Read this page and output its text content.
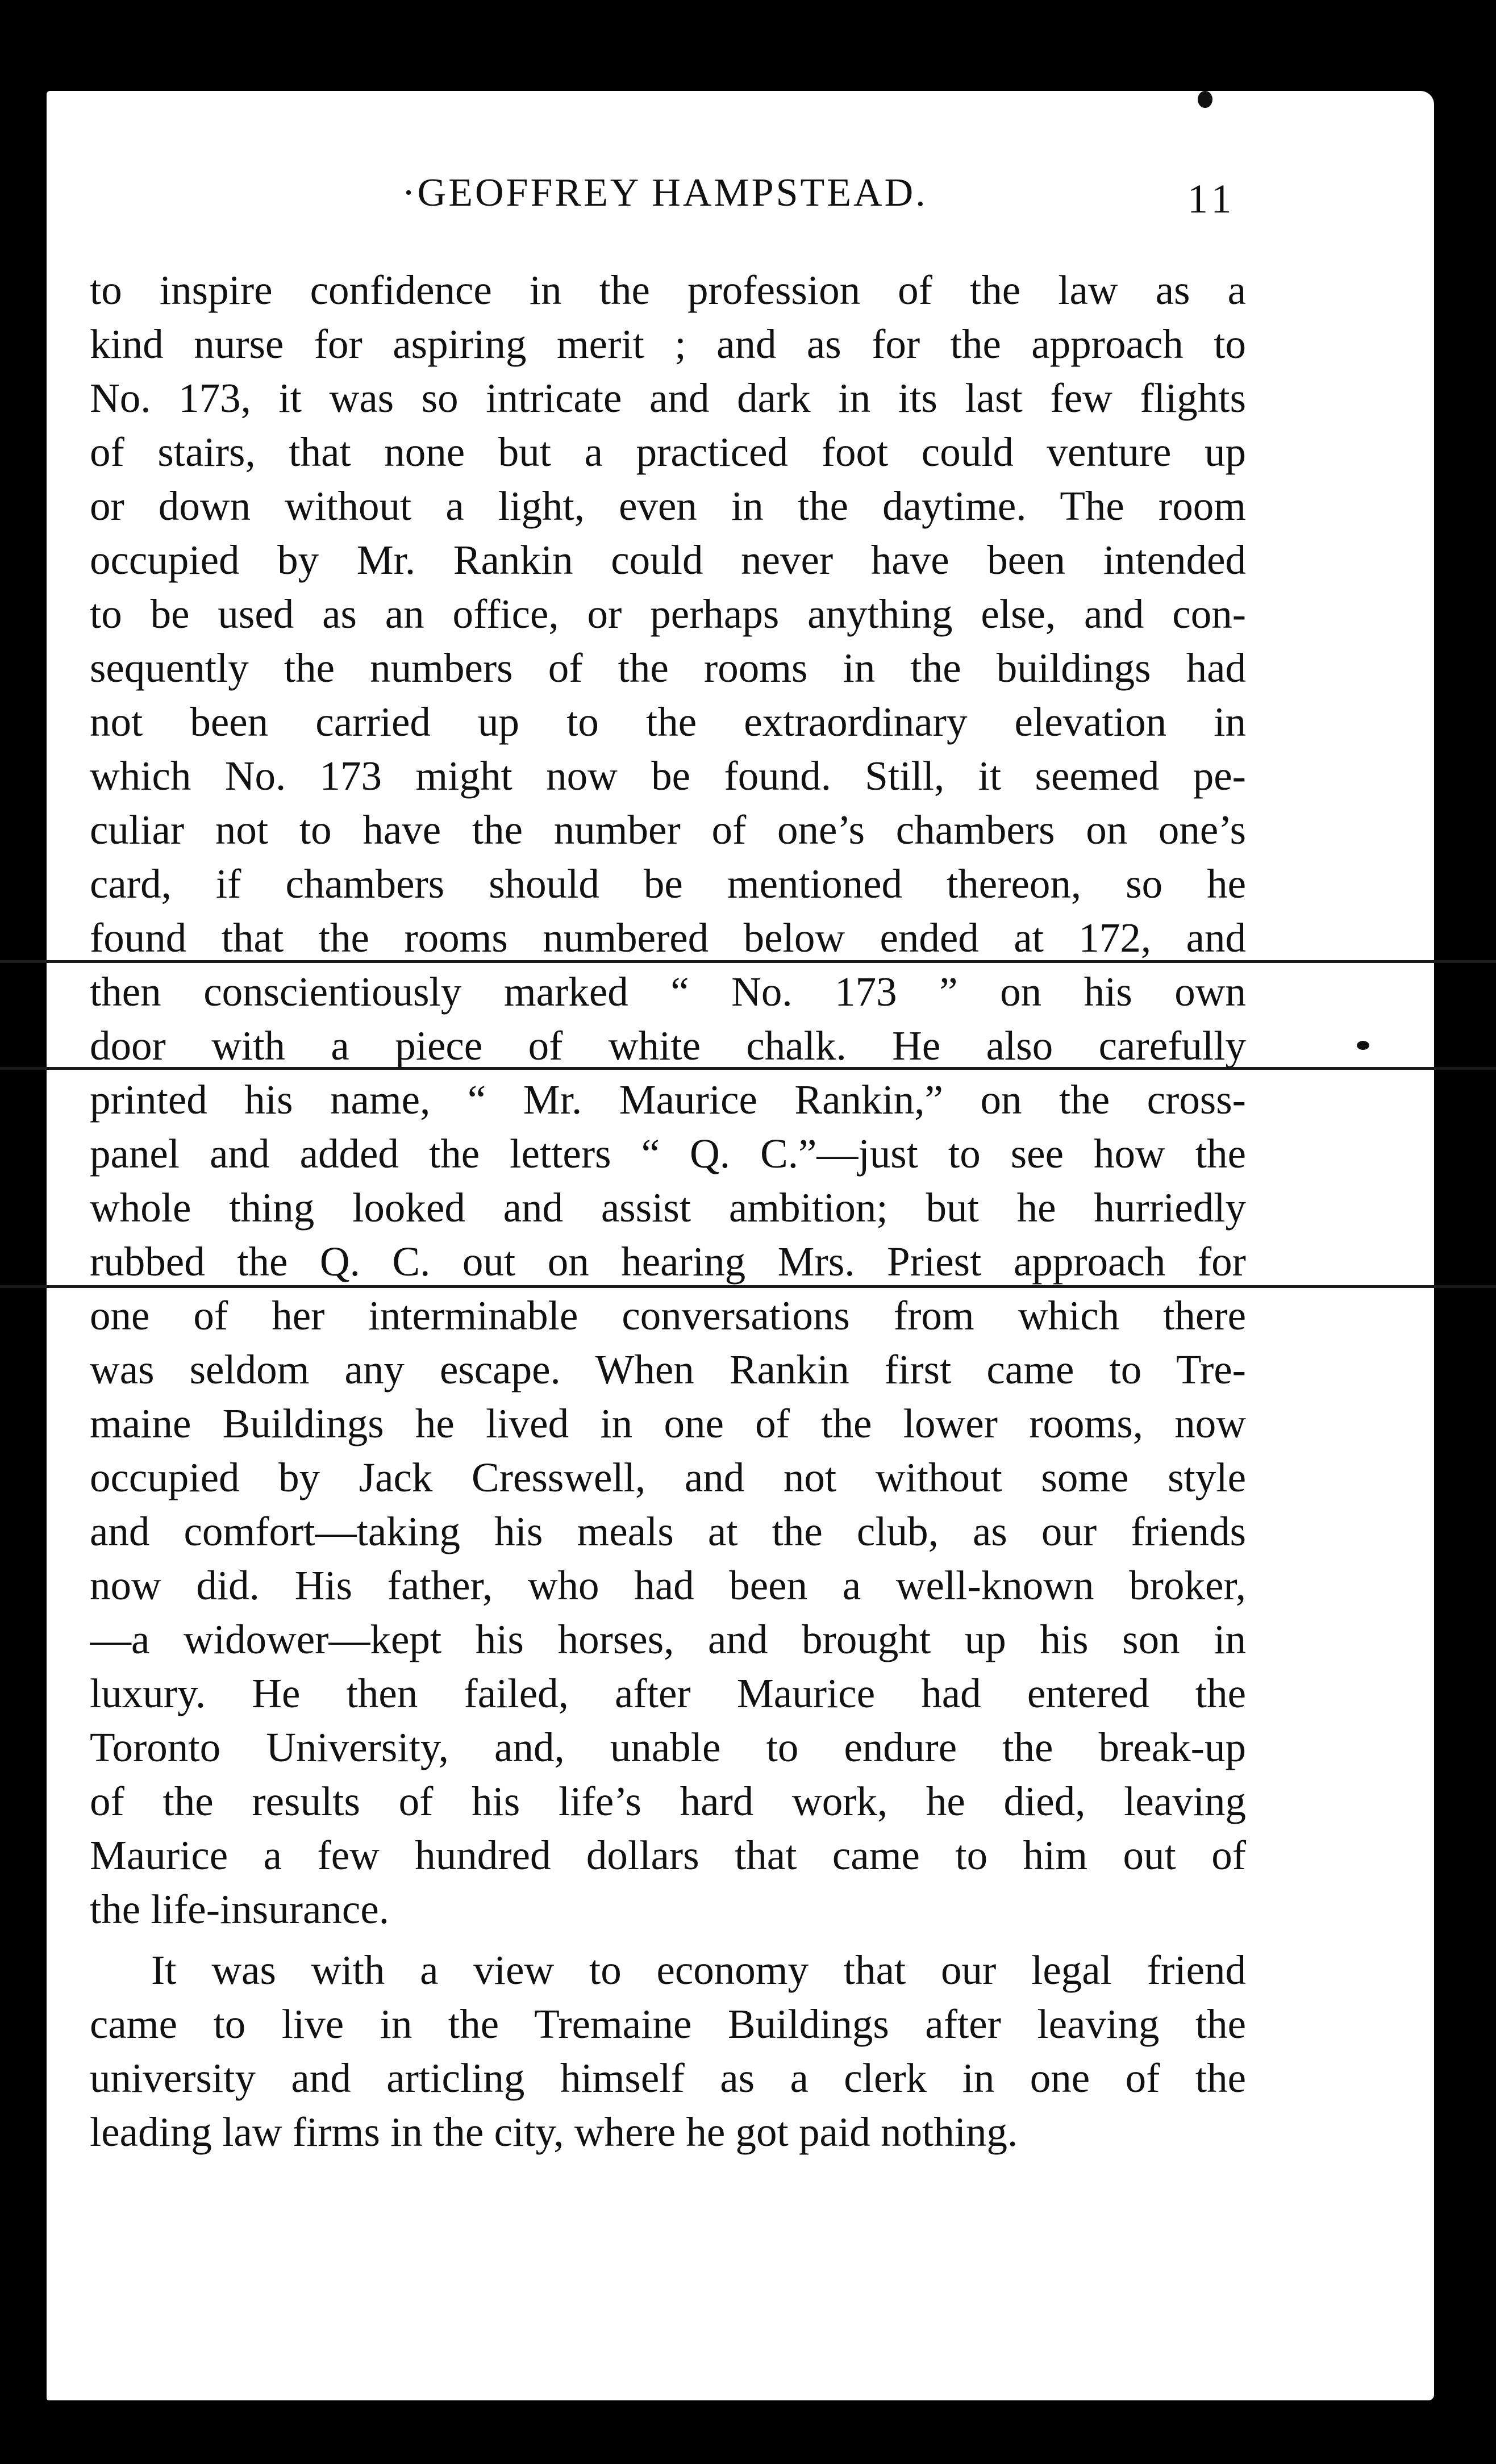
·GEOFFREY HAMPSTEAD.	11
to inspire confidence in the profession of the law as a
kind nurse for aspiring merit ; and as for the approach to
No. 173, it was so intricate and dark in its last few flights
of stairs, that none but a practiced foot could venture up
or down without a light, even in the daytime. The room
occupied by Mr. Rankin could never have been intended
to be used as an office, or perhaps anything else, and con-
sequently the numbers of the rooms in the buildings had
not been carried up to the extraordinary elevation in
which No. 173 might now be found. Still, it seemed pe-
culiar not to have the number of one’s chambers on one’s
card, if chambers should be mentioned thereon, so he
found that the rooms numbered below ended at 172, and
then conscientiously marked “ No. 173 ” on his own
door with a piece of white chalk. He also carefully
printed his name, “ Mr. Maurice Rankin,” on the cross-
panel and added the letters “ Q. C.”—just to see how the
whole thing looked and assist ambition; but he hurriedly
rubbed the Q. C. out on hearing Mrs. Priest approach for
one of her interminable conversations from which there
was seldom any escape. When Rankin first came to Tre-
maine Buildings he lived in one of the lower rooms, now
occupied by Jack Cresswell, and not without some style
and comfort—taking his meals at the club, as our friends
now did. His father, who had been a well-known broker,
—a widower—kept his horses, and brought up his son in
luxury. He then failed, after Maurice had entered the
Toronto University, and, unable to endure the break-up
of the results of his life’s hard work, he died, leaving
Maurice a few hundred dollars that came to him out of
the life-insurance.
It was with a view to economy that our legal friend
came to live in the Tremaine Buildings after leaving the
university and articling himself as a clerk in one of the
leading law firms in the city, where he got paid nothing.
